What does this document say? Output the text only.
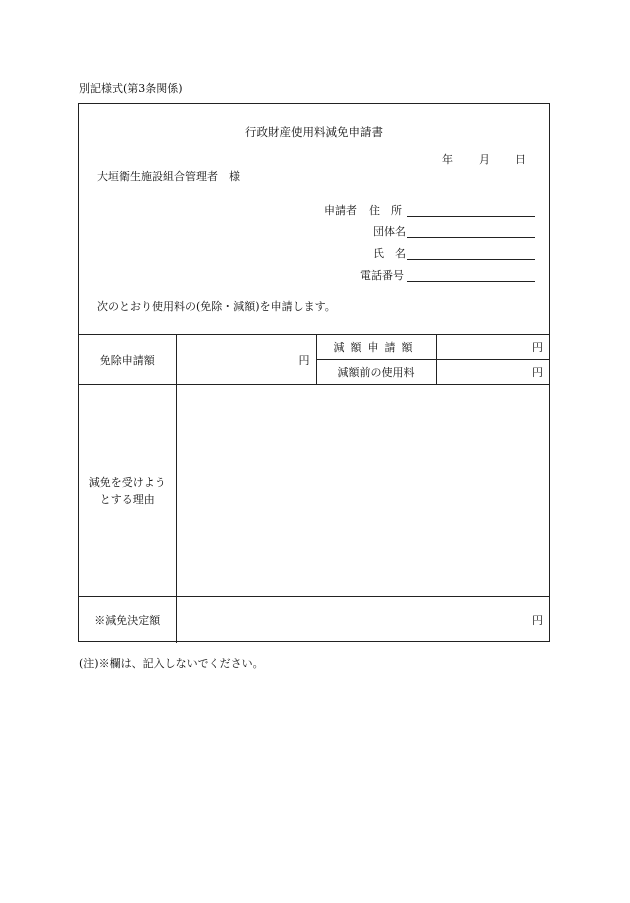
別記様式(第3条関係)
行政財産使用料減免申請書
年 月 日
大垣衛生施設組合管理者　様
申請者 住　所
団体名
氏　名
電話番号
次のとおり使用料の(免除・減額)を申請します。
免除申請額	円	減額申請額	円
		減額前の使用料	円

減免を受けよう
とする理由			

※減免決定額	円		
(注)※欄は、記入しないでください。
